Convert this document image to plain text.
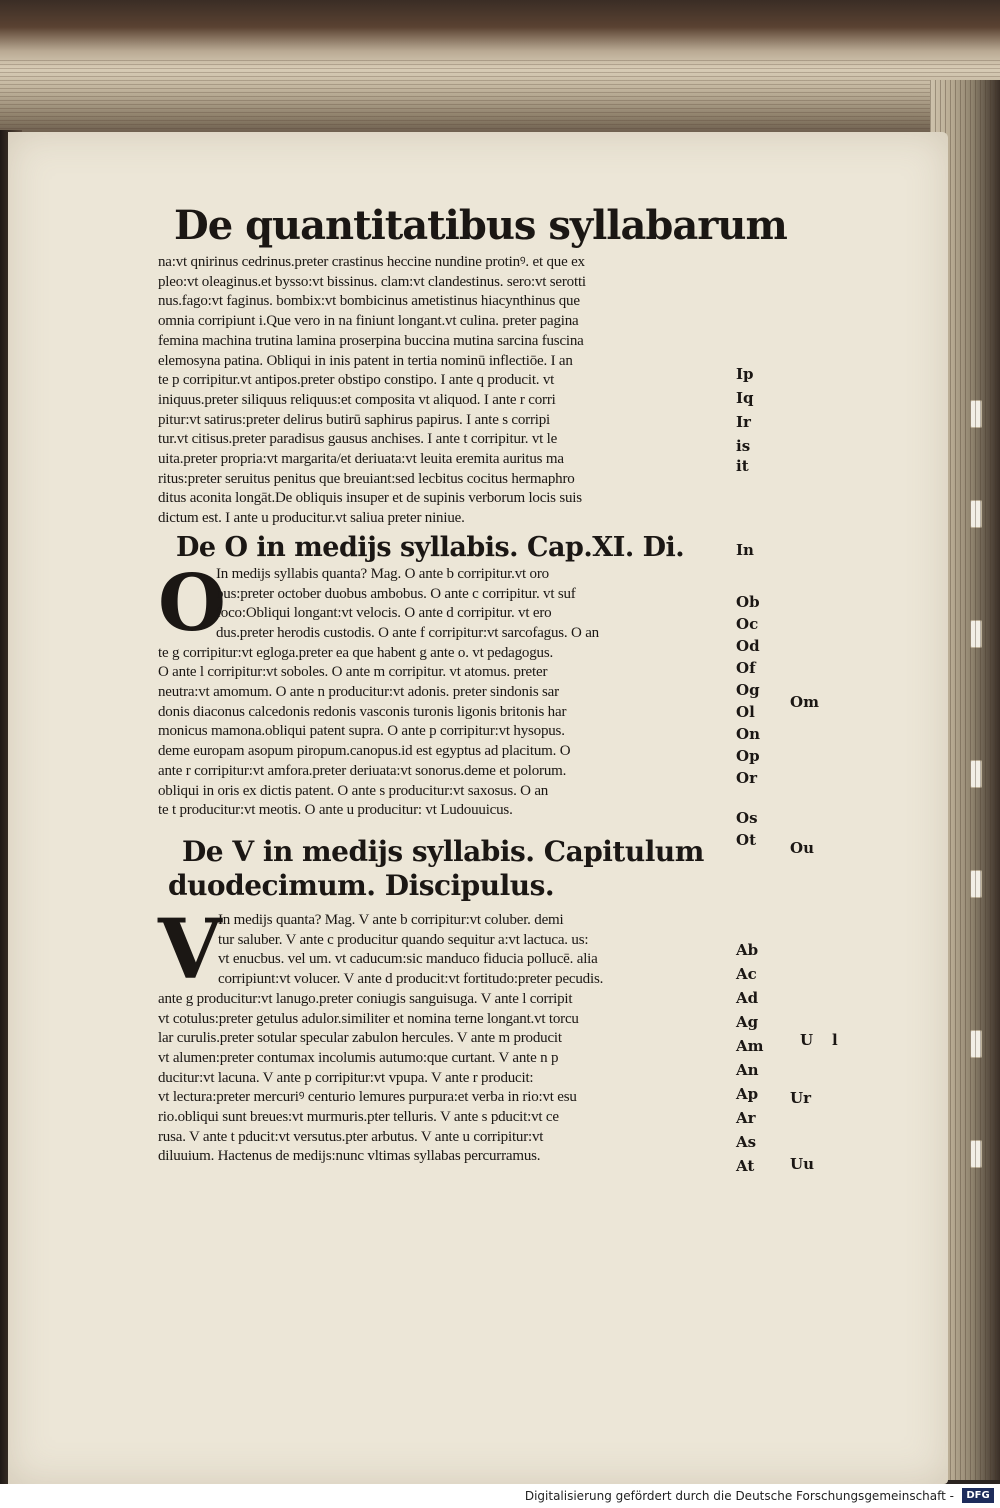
De quantitatibus syllabarum
na:vt qnirinus cedrinus.preter crastinus heccine nundine protinꝰ. et que ex
pleo:vt oleaginus.et bysso:vt bissinus. clam:vt clandestinus. sero:vt serotti
nus.fago:vt faginus. bombix:vt bombicinus ametistinus hiacynthinus que
omnia corripiunt i.Que vero in na finiunt longant.vt culina. preter pagina
femina machina trutina lamina proserpina buccina mutina sarcina fuscina
elemosyna patina. Obliqui in inis patent in tertia nominū inflectiōe. I an
te p corripitur.vt antipos.preter obstipo constipo. I ante q producit. vt
iniquus.preter siliquus reliquus:et composita vt aliquod. I ante r corri
pitur:vt satirus:preter delirus butirū saphirus papirus. I ante s corripi
tur.vt citisus.preter paradisus gausus anchises. I ante t corripitur. vt le
uita.preter propria:vt margarita/et deriuata:vt leuita eremita auritus ma
ritus:preter seruitus penitus que breuiant:sed lecbitus cocitus hermaphro
ditus aconita longāt.De obliquis insuper et de supinis verborum locis suis
dictum est. I ante u producitur.vt saliua preter niniue.
De O in medijs syllabis. Cap.XI. Di.
O
In medijs syllabis quanta? Mag. O ante b corripitur.vt oro
bus:preter october duobus ambobus. O ante c corripitur. vt suf
foco:Obliqui longant:vt velocis. O ante d corripitur. vt ero
dus.preter herodis custodis. O ante f corripitur:vt sarcofagus. O an
te g corripitur:vt egloga.preter ea que habent g ante o. vt pedagogus.
O ante l corripitur:vt soboles. O ante m corripitur. vt atomus. preter
neutra:vt amomum. O ante n producitur:vt adonis. preter sindonis sar
donis diaconus calcedonis redonis vasconis turonis ligonis britonis har
monicus mamona.obliqui patent supra. O ante p corripitur:vt hysopus.
deme europam asopum piropum.canopus.id est egyptus ad placitum. O
ante r corripitur:vt amfora.preter deriuata:vt sonorus.deme et polorum.
obliqui in oris ex dictis patent. O ante s producitur:vt saxosus. O an
te t producitur:vt meotis. O ante u producitur: vt Ludouuicus.
De V in medijs syllabis. Capitulum
duodecimum. Discipulus.
V
In medijs quanta? Mag. V ante b corripitur:vt coluber. demi
tur saluber. V ante c producitur quando sequitur a:vt lactuca. us:
vt enucbus. vel um. vt caducum:sic manduco fiducia pollucē. alia
corripiunt:vt volucer. V ante d producit:vt fortitudo:preter pecudis.
ante g producitur:vt lanugo.preter coniugis sanguisuga. V ante l corripit
vt cotulus:preter getulus adulor.similiter et nomina terne longant.vt torcu
lar curulis.preter sotular specular zabulon hercules. V ante m producit
vt alumen:preter contumax incolumis autumo:que curtant. V ante n p
ducitur:vt lacuna. V ante p corripitur:vt vpupa. V ante r producit:
vt lectura:preter mercuriꝰ centurio lemures purpura:et verba in rio:vt esu
rio.obliqui sunt breues:vt murmuris.pter telluris. V ante s pducit:vt ce
rusa. V ante t pducit:vt versutus.pter arbutus. V ante u corripitur:vt
diluuium. Hactenus de medijs:nunc vltimas syllabas percurramus.
Ip
Iq
Ir
is
it
In
Ob
Oc
Od
Of
Og
Ol
On
Op
Or
Os
Ot
Ab
Ac
Ad
Ag
Am
An
Ap
Ar
As
At
Om
Ou
U
Ur
Uu
l
Digitalisierung gefördert durch die Deutsche Forschungsgemeinschaft -	DFG
